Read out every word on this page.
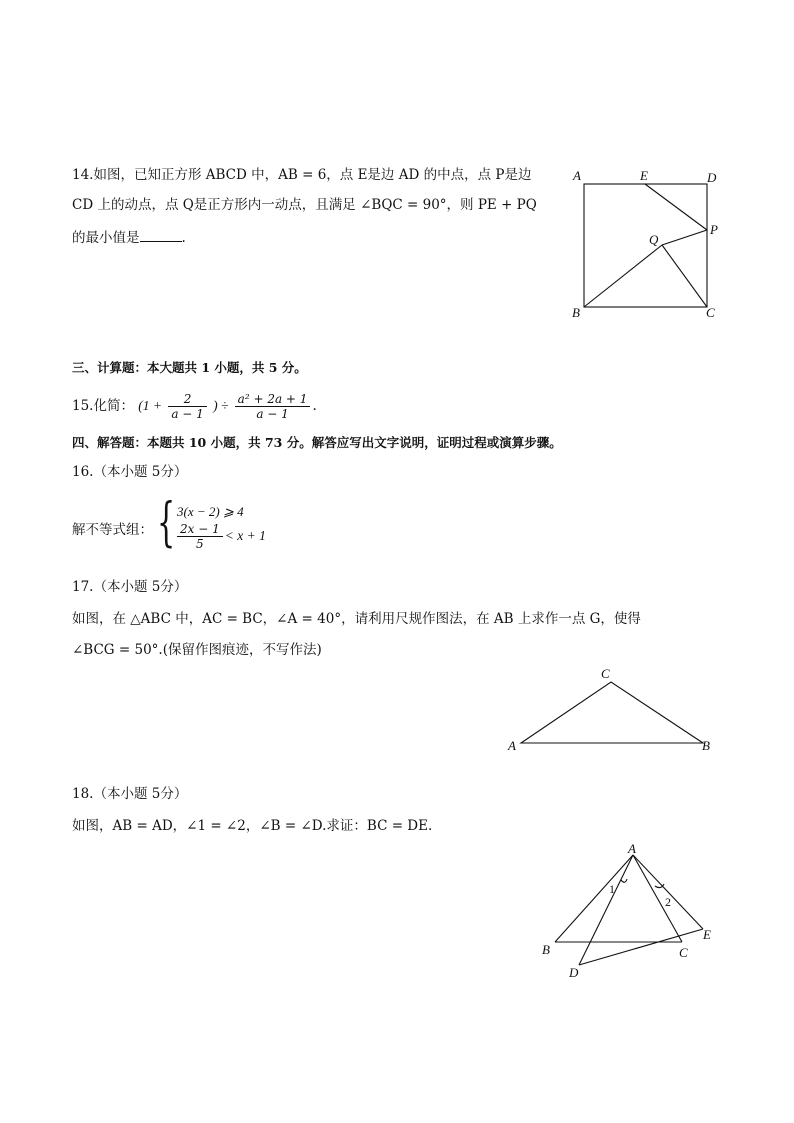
14.如图，已知正方形 ABCD 中，AB = 6，点 E是边 AD 的中点，点 P是边
CD 上的动点，点 Q是正方形内一动点，且满足 ∠BQC = 90°，则 PE + PQ
的最小值是	.
A	E	D
P
Q
B	C
三、计算题：本大题共 1 小题，共 5 分。
15.化简： ($1 + \frac{2}{a - 1}$ ) ÷ $\frac{\text{a² + 2a + 1}}{a - 1}$ .
四、解答题：本题共 10 小题，共 73 分。解答应写出文字说明，证明过程或演算步骤。
16.（本小题 5分）
解不等式组： { 3(x − 2) ⩾ 4
$\frac{2x - 1}{5} < x + 1$
17.（本小题 5分）
如图，在 △ABC 中，AC = BC，∠A = 40°，请利用尺规作图法，在 AB 上求作一点 G，使得
∠BCG = 50°.(保留作图痕迹，不写作法)
C
A	B
18.（本小题 5分）
如图，AB = AD，∠1 = ∠2，∠B = ∠D.求证：BC = DE.
A
B	C
D
E
1
2
